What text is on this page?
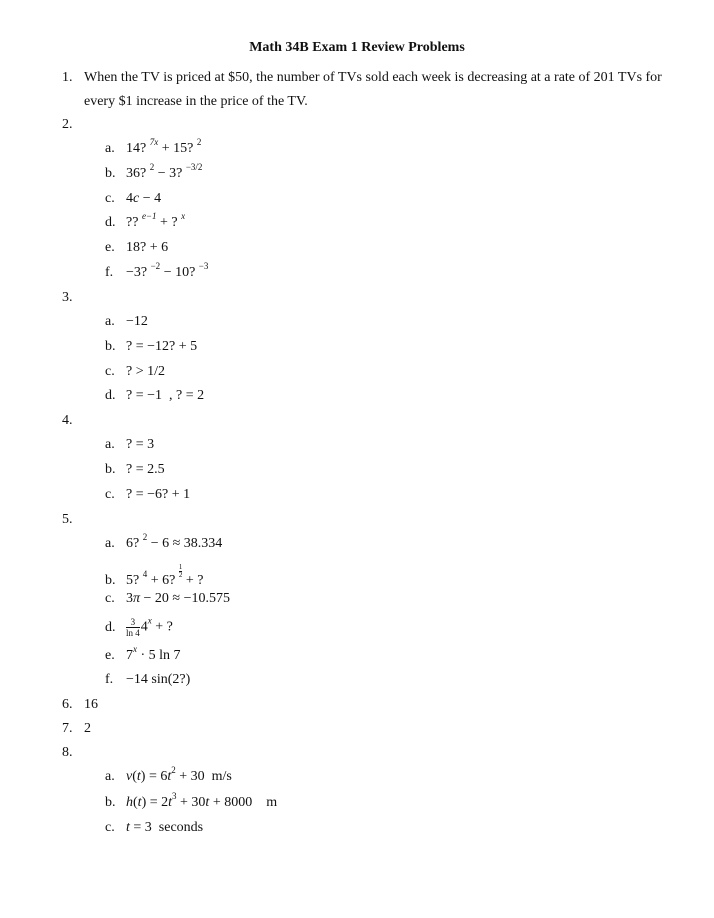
Math 34B Exam 1 Review Problems
1. When the TV is priced at $50, the number of TVs sold each week is decreasing at a rate of 201 TVs for every $1 increase in the price of the TV.
2.
a. 14? $^{7x}$ + 15? $^2$
b. 36? $^2$ − 3? $^{-3/2}$
c. 4c − 4
d. ?? $^{e-1}$ + ? $^x$
e. 18? + 6
f. −3? $^{-2}$ − 10? $^{-3}$
3.
a. −12
b. ? = −12? + 5
c. ? > 1/2
d. ? = −1  , ? = 2
4.
a. ? = 3
b. ? = 2.5
c. ? = −6? + 1
5.
a. 6? $^2$ − 6 ≈ 38.334
b. 5? $^4$ + 6?
$\frac{1}{2}$
+ ?
c. 3π − 20 ≈ −10.575
d. $\frac{3}{\ln 4} 4^x$ + ?
e. $7^x \cdot 5$ ln 7
f. −14 sin(2?)
6. 16
7. 2
8.
a. $v(t) = 6t^2 + 30$  m/s
b. $h(t) = 2t^3 + 30t + 8000$    m
c. t = 3  seconds
